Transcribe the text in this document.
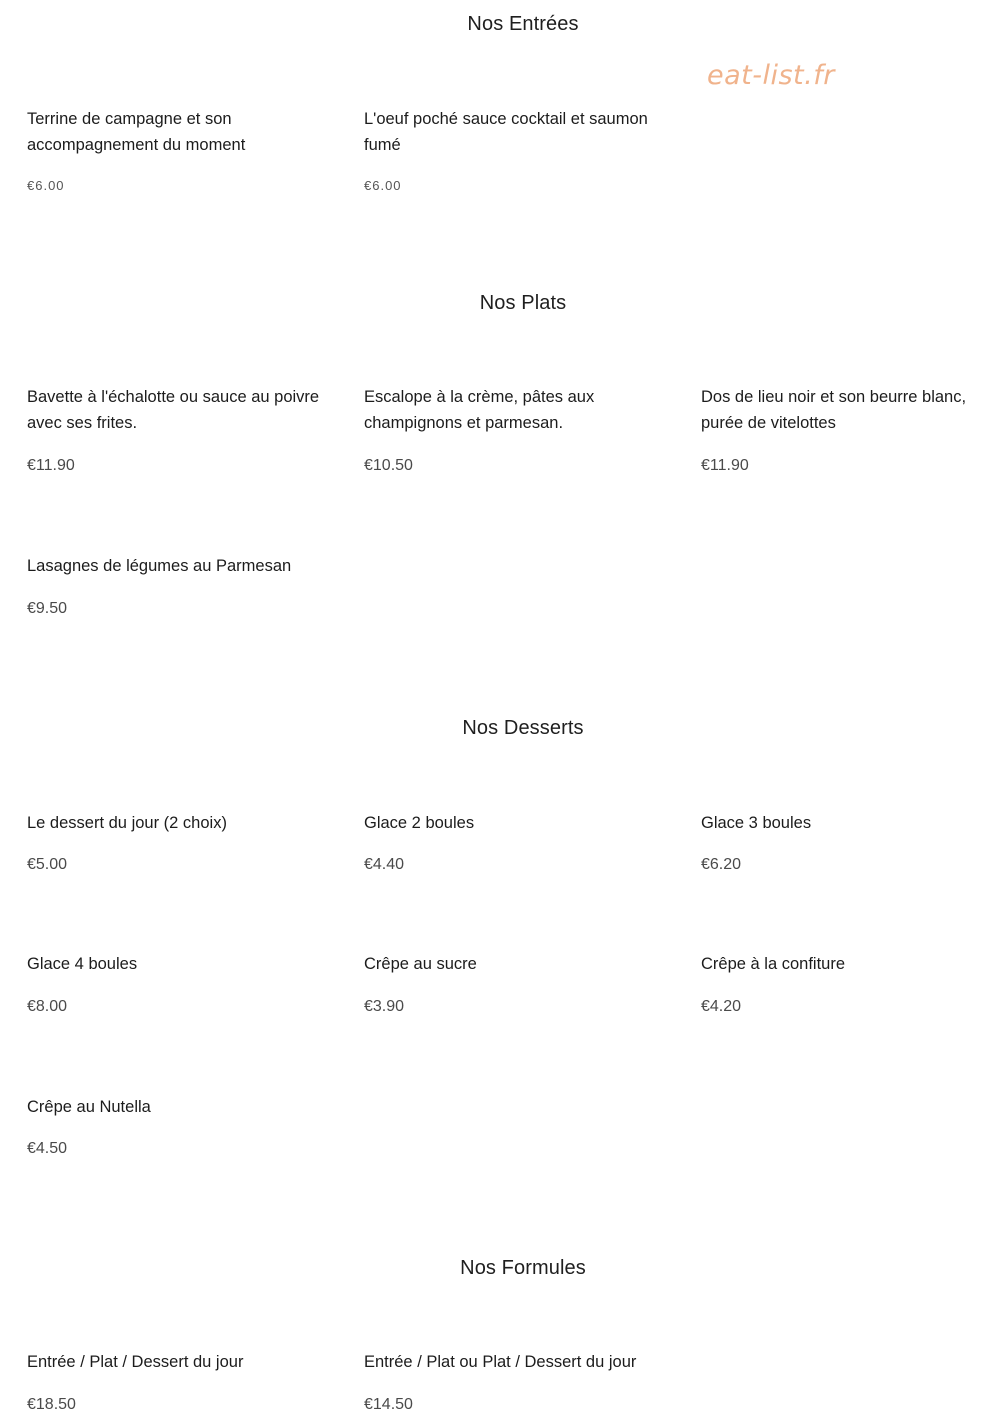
eat-list.fr
Nos Entrées

Terrine de campagne et son accompagnement du moment

€6.00

L'oeuf poché sauce cocktail et saumon fumé

€6.00

Nos Plats

Bavette à l'échalotte ou sauce au poivre avec ses frites.

€11.90

Escalope à la crème, pâtes aux champignons et parmesan.

€10.50

Dos de lieu noir et son beurre blanc, purée de vitelottes

€11.90

Lasagnes de légumes au Parmesan

€9.50

Nos Desserts

Le dessert du jour (2 choix)

€5.00

Glace 2 boules

€4.40

Glace 3 boules

€6.20

Glace 4 boules

€8.00

Crêpe au sucre

€3.90

Crêpe à la confiture

€4.20

Crêpe au Nutella

€4.50

Nos Formules

Entrée / Plat / Dessert du jour

€18.50

Entrée / Plat ou Plat / Dessert du jour

€14.50
